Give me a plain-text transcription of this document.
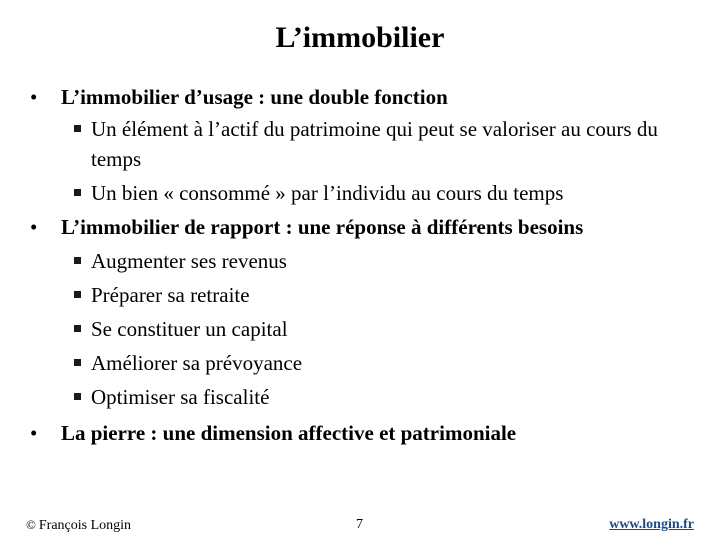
L’immobilier
• L’immobilier d’usage : une double fonction
Un élément à l’actif du patrimoine qui peut se valoriser au cours du temps
Un bien « consommé » par l’individu au cours du temps
• L’immobilier de rapport : une réponse à différents besoins
Augmenter ses revenus
Préparer sa retraite
Se constituer un capital
Améliorer sa prévoyance
Optimiser sa fiscalité
• La pierre : une dimension affective et patrimoniale
© François Longin	7	www.longin.fr
